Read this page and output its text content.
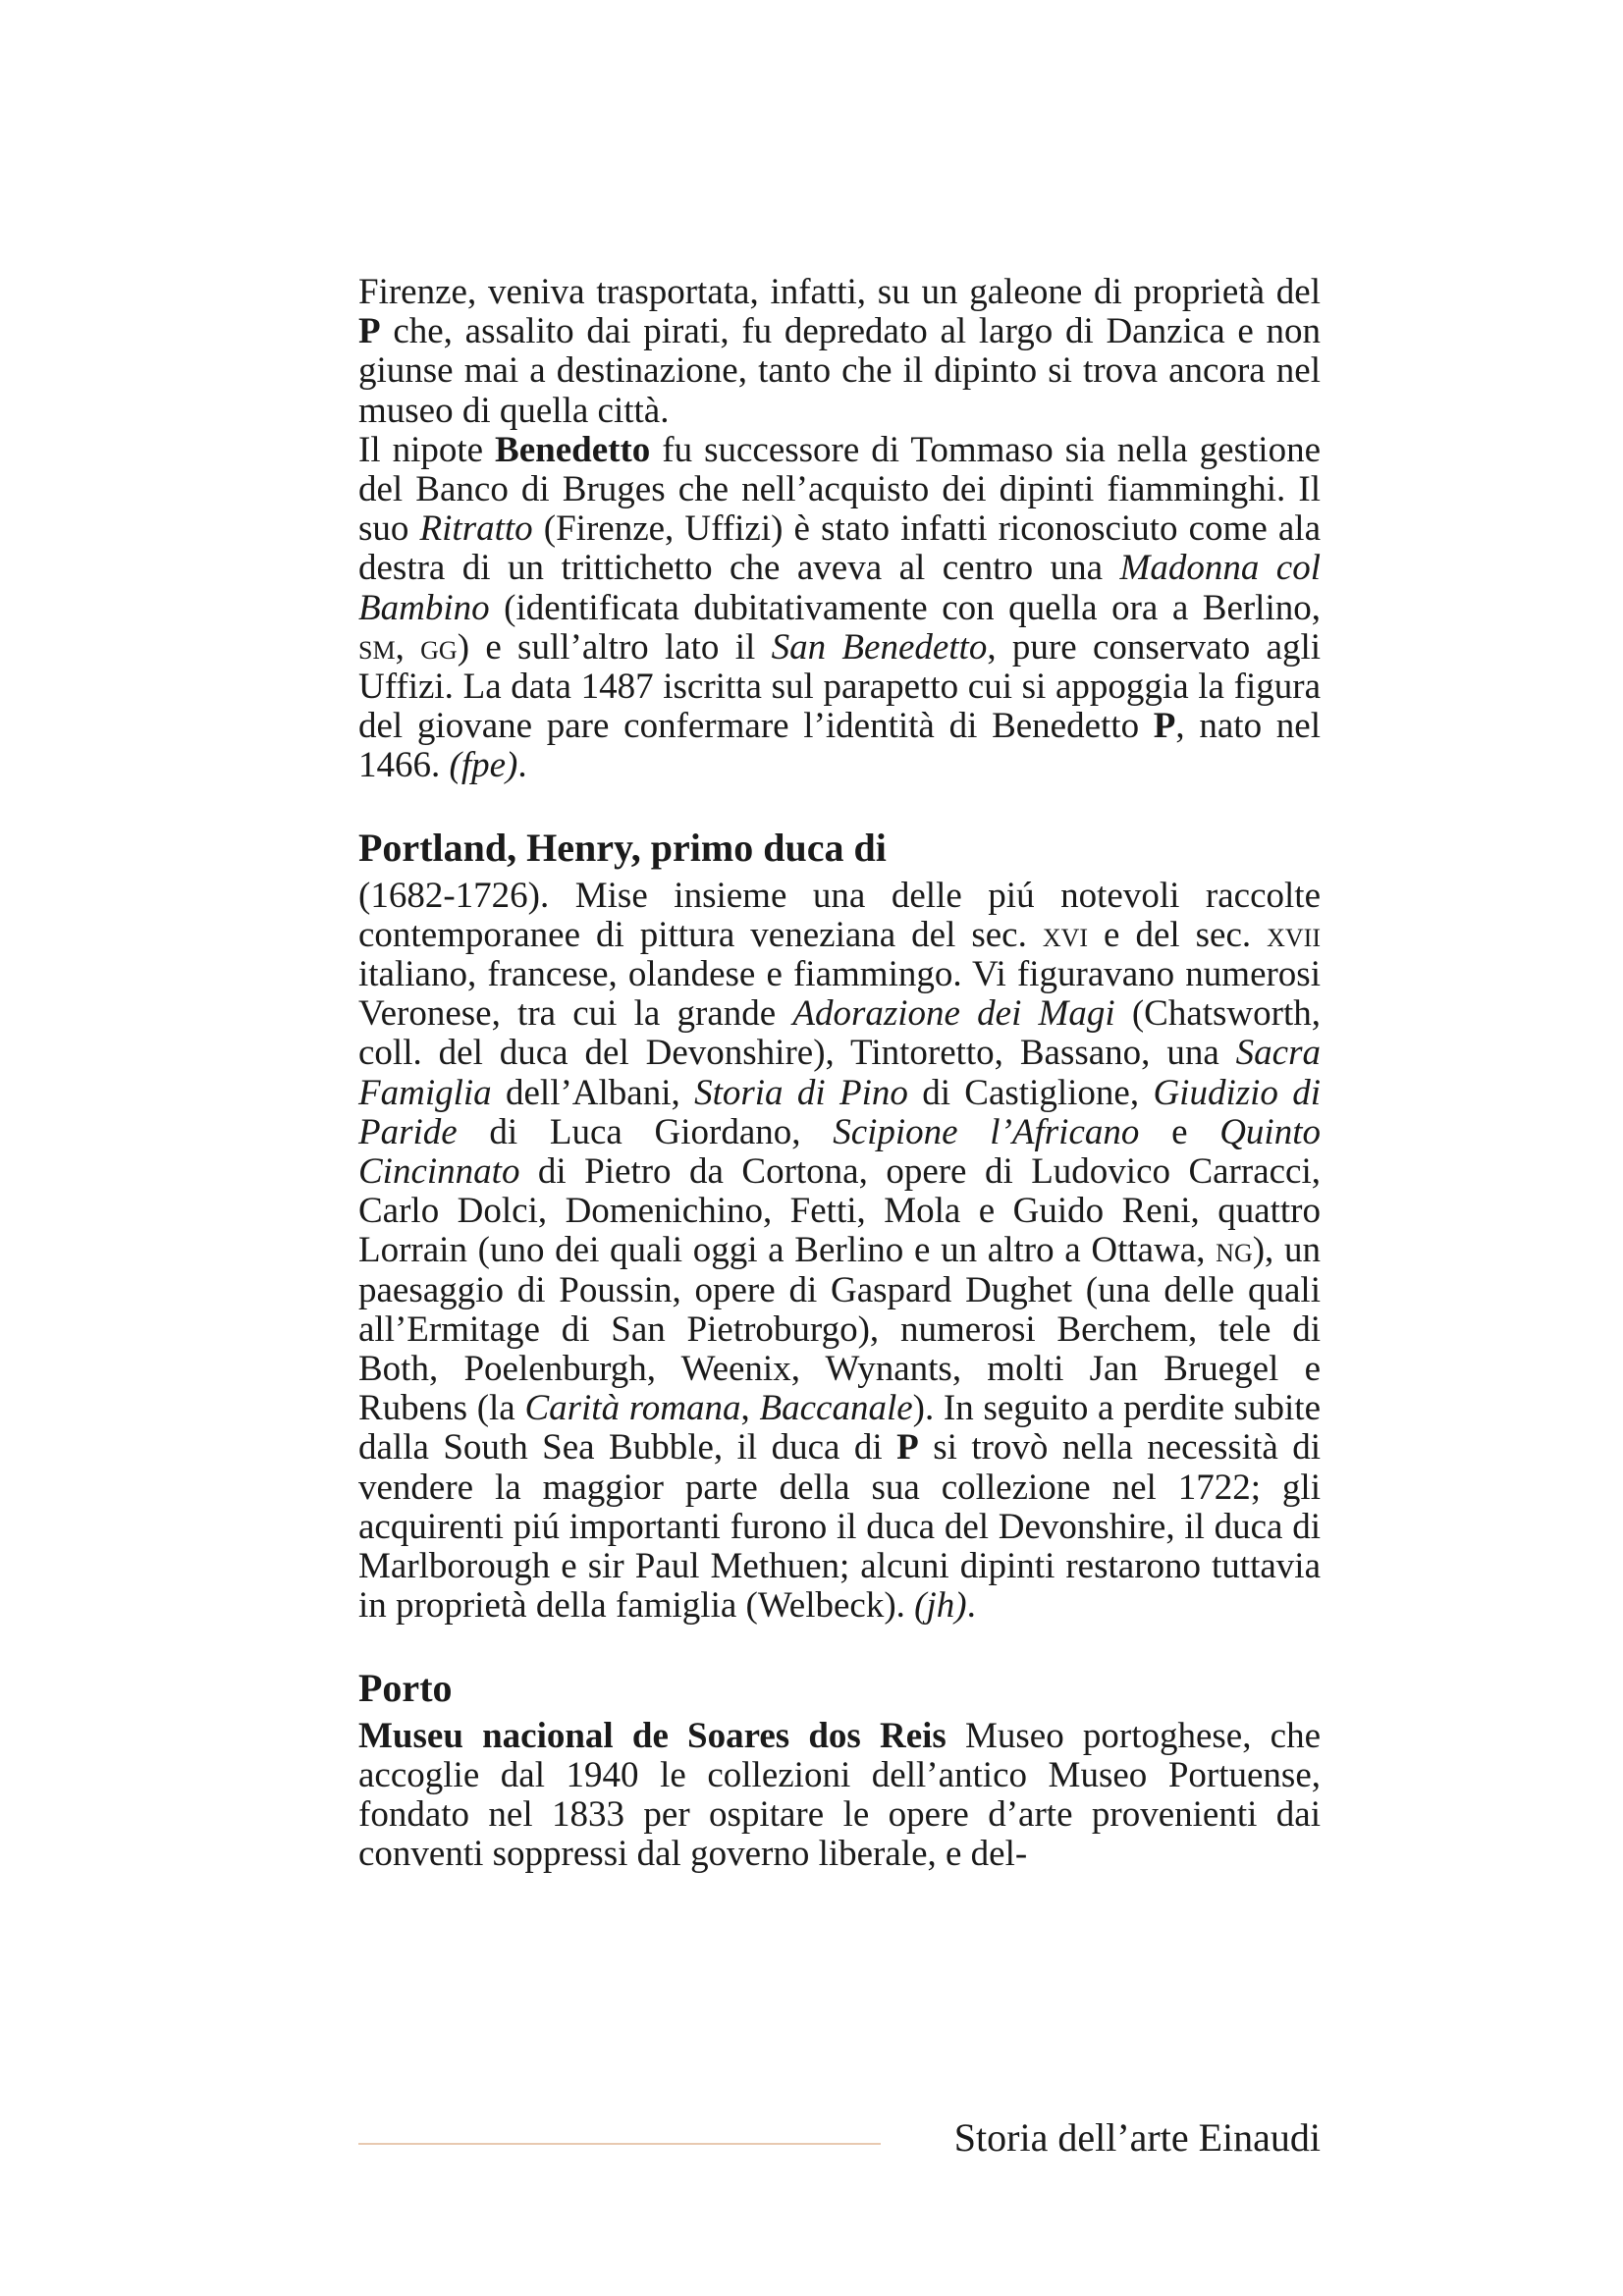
Firenze, veniva trasportata, infatti, su un galeone di proprietà del P che, assalito dai pirati, fu depredato al largo di Danzica e non giunse mai a destinazione, tanto che il dipinto si trova ancora nel museo di quella città.

Il nipote Benedetto fu successore di Tommaso sia nella gestione del Banco di Bruges che nell’acquisto dei dipinti fiamminghi. Il suo Ritratto (Firenze, Uffizi) è stato infatti riconosciuto come ala destra di un trittichetto che aveva al centro una Madonna col Bambino (identificata dubitativamente con quella ora a Berlino, sm, gg) e sull’altro lato il San Benedetto, pure conservato agli Uffizi. La data 1487 iscritta sul parapetto cui si appoggia la figura del giovane pare confermare l’identità di Benedetto P, nato nel 1466. (fpe).

Portland, Henry, primo duca di

(1682-1726). Mise insieme una delle piú notevoli raccolte contemporanee di pittura veneziana del sec. xvi e del sec. xvii italiano, francese, olandese e fiammingo. Vi figuravano numerosi Veronese, tra cui la grande Adorazione dei Magi (Chatsworth, coll. del duca del Devonshire), Tintoretto, Bassano, una Sacra Famiglia dell’Albani, Storia di Pino di Castiglione, Giudizio di Paride di Luca Giordano, Scipione l’Africano e Quinto Cincinnato di Pietro da Cortona, opere di Ludovico Carracci, Carlo Dolci, Domenichino, Fetti, Mola e Guido Reni, quattro Lorrain (uno dei quali oggi a Berlino e un altro a Ottawa, ng), un paesaggio di Poussin, opere di Gaspard Dughet (una delle quali all’Ermitage di San Pietroburgo), numerosi Berchem, tele di Both, Poelenburgh, Weenix, Wynants, molti Jan Bruegel e Rubens (la Carità romana, Baccanale). In seguito a perdite subite dalla South Sea Bubble, il duca di P si trovò nella necessità di vendere la maggior parte della sua collezione nel 1722; gli acquirenti piú importanti furono il duca del Devonshire, il duca di Marlborough e sir Paul Methuen; alcuni dipinti restarono tuttavia in proprietà della famiglia (Welbeck). (jh).

Porto

Museu nacional de Soares dos Reis Museo portoghese, che accoglie dal 1940 le collezioni dell’antico Museo Portuense, fondato nel 1833 per ospitare le opere d’arte provenienti dai conventi soppressi dal governo liberale, e del-

Storia dell’arte Einaudi
